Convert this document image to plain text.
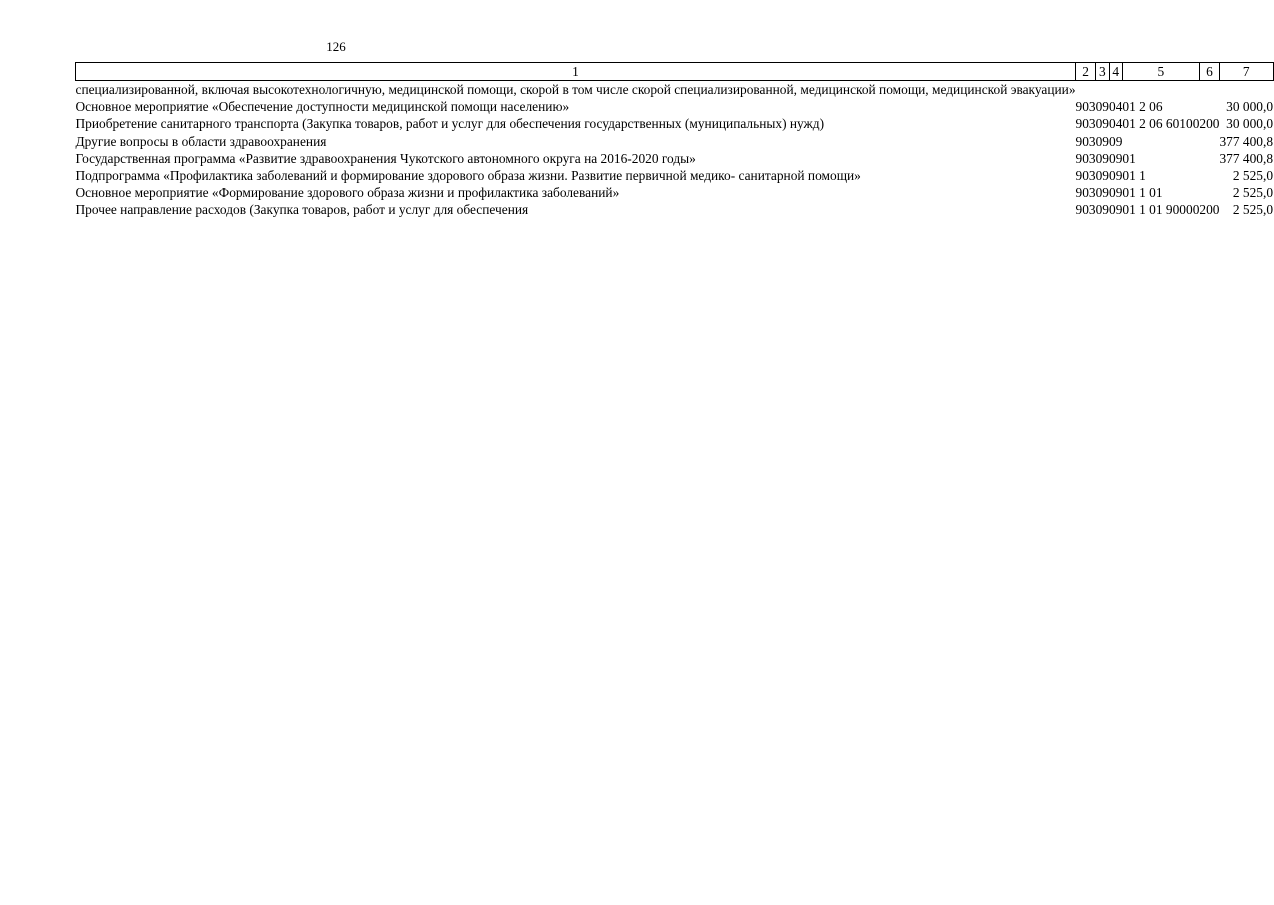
126
1	2	3	4	5	6	7
специализированной, включая высокотехнологичную, медицинской помощи, скорой в том числе скорой специализированной, медицинской помощи, медицинской эвакуации»						
Основное мероприятие «Обеспечение доступности медицинской помощи населению»	903	09	04	01 2 06		30 000,0
Приобретение санитарного транспорта (Закупка товаров, работ и услуг для обеспечения государственных (муниципальных) нужд)	903	09	04	01 2 06 60100	200	30 000,0
Другие вопросы в области здравоохранения	903	09	09			377 400,8
Государственная программа «Развитие здравоохранения Чукотского автономного округа на 2016-2020 годы»	903	09	09	01		377 400,8
Подпрограмма «Профилактика заболеваний и формирование здорового образа жизни. Развитие первичной медико- санитарной помощи»	903	09	09	01 1		2 525,0
Основное мероприятие «Формирование здорового образа жизни и профилактика заболеваний»	903	09	09	01 1 01		2 525,0
Прочее направление расходов (Закупка товаров, работ и услуг для обеспечения	903	09	09	01 1 01 90000	200	2 525,0
